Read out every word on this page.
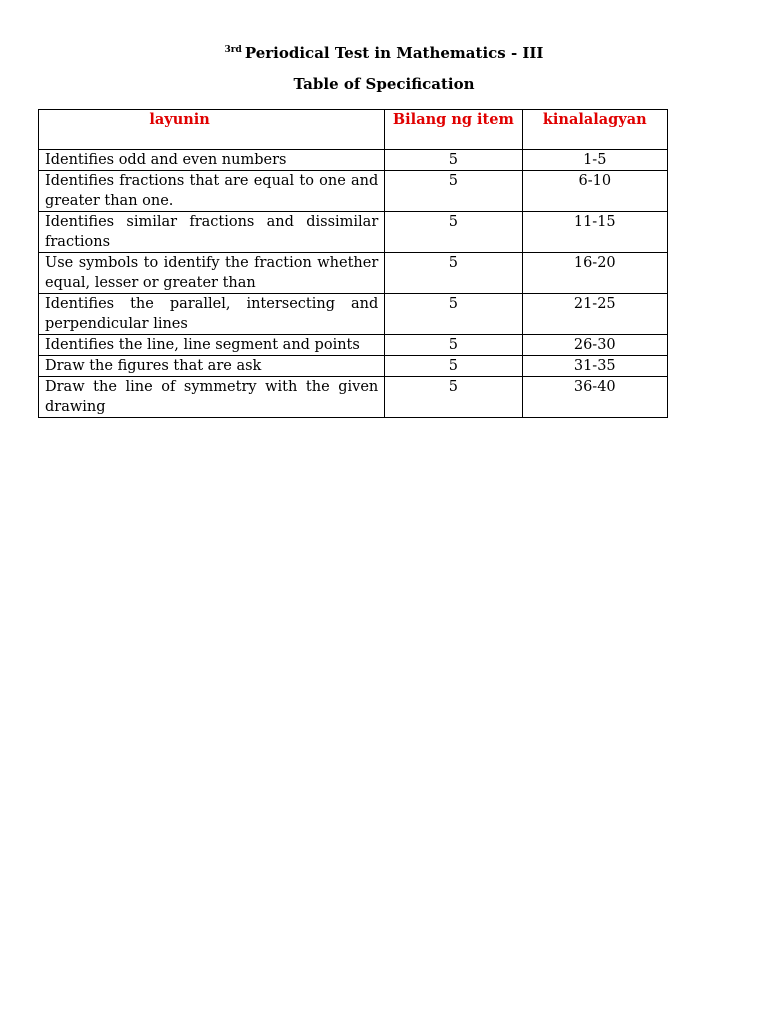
$^{3rd}$ Periodical Test in Mathematics - III
Table of Specification
layunin	Bilang ng item	kinalalagyan
Identifies odd and even numbers	5	1-5
Identifies fractions that are equal to one and greater than one.	5	6-10
Identifies similar fractions and dissimilar fractions	5	11-15
Use symbols to identify the fraction whether equal, lesser or greater than	5	16-20
Identifies the parallel, intersecting and perpendicular lines	5	21-25
Identifies the line, line segment and points	5	26-30
Draw the figures that are ask	5	31-35
Draw the line of symmetry with the given drawing	5	36-40
